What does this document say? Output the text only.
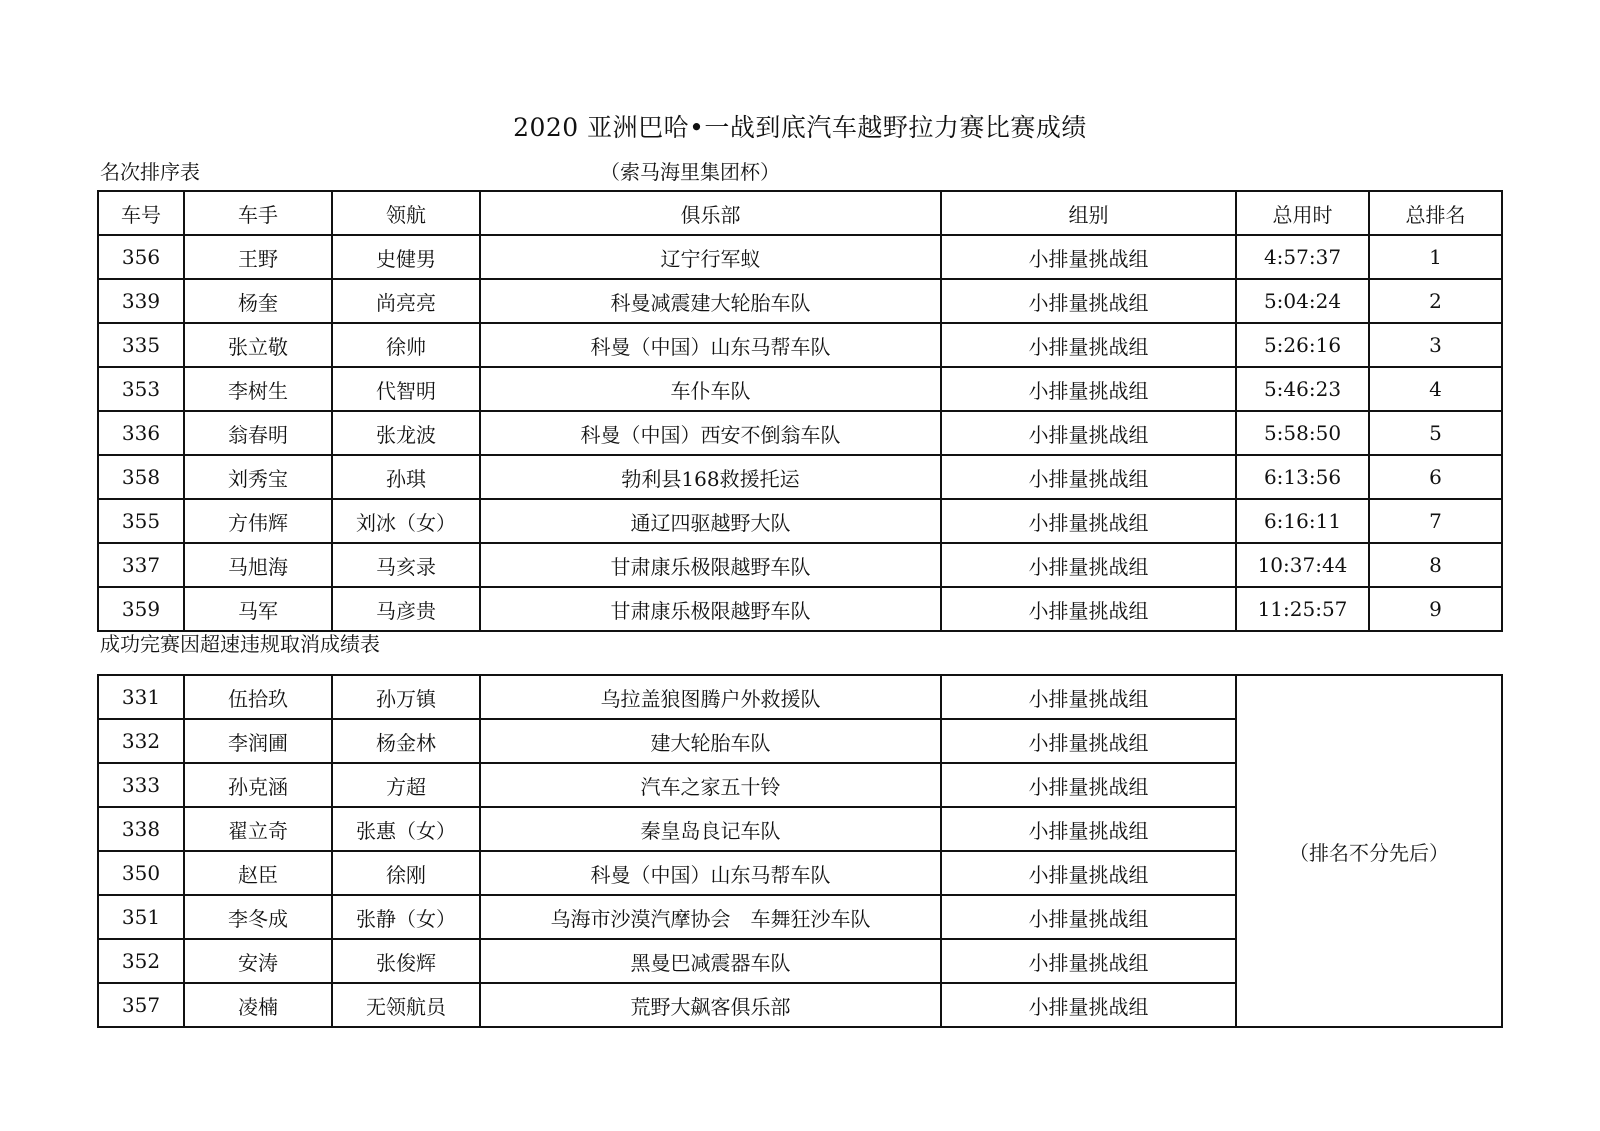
2020 亚洲巴哈•一战到底汽车越野拉力赛比赛成绩
名次排序表	（索马海里集团杯）
车号	车手	领航	俱乐部	组别	总用时	总排名
356	王野	史健男	辽宁行军蚁	小排量挑战组	4:57:37	1
339	杨奎	尚亮亮	科曼减震建大轮胎车队	小排量挑战组	5:04:24	2
335	张立敬	徐帅	科曼（中国）山东马帮车队	小排量挑战组	5:26:16	3
353	李树生	代智明	车仆车队	小排量挑战组	5:46:23	4
336	翁春明	张龙波	科曼（中国）西安不倒翁车队	小排量挑战组	5:58:50	5
358	刘秀宝	孙琪	勃利县168救援托运	小排量挑战组	6:13:56	6
355	方伟辉	刘冰（女）	通辽四驱越野大队	小排量挑战组	6:16:11	7
337	马旭海	马亥录	甘肃康乐极限越野车队	小排量挑战组	10:37:44	8
359	马军	马彦贵	甘肃康乐极限越野车队	小排量挑战组	11:25:57	9
成功完赛因超速违规取消成绩表
331	伍拾玖	孙万镇	乌拉盖狼图腾户外救援队	小排量挑战组	（排名不分先后）
332	李润圃	杨金林	建大轮胎车队	小排量挑战组	
333	孙克涵	方超	汽车之家五十铃	小排量挑战组	
338	翟立奇	张惠（女）	秦皇岛良记车队	小排量挑战组	
350	赵臣	徐刚	科曼（中国）山东马帮车队	小排量挑战组	
351	李冬成	张静（女）	乌海市沙漠汽摩协会　车舞狂沙车队	小排量挑战组	
352	安涛	张俊辉	黑曼巴减震器车队	小排量挑战组	
357	凌楠	无领航员	荒野大飙客俱乐部	小排量挑战组	
